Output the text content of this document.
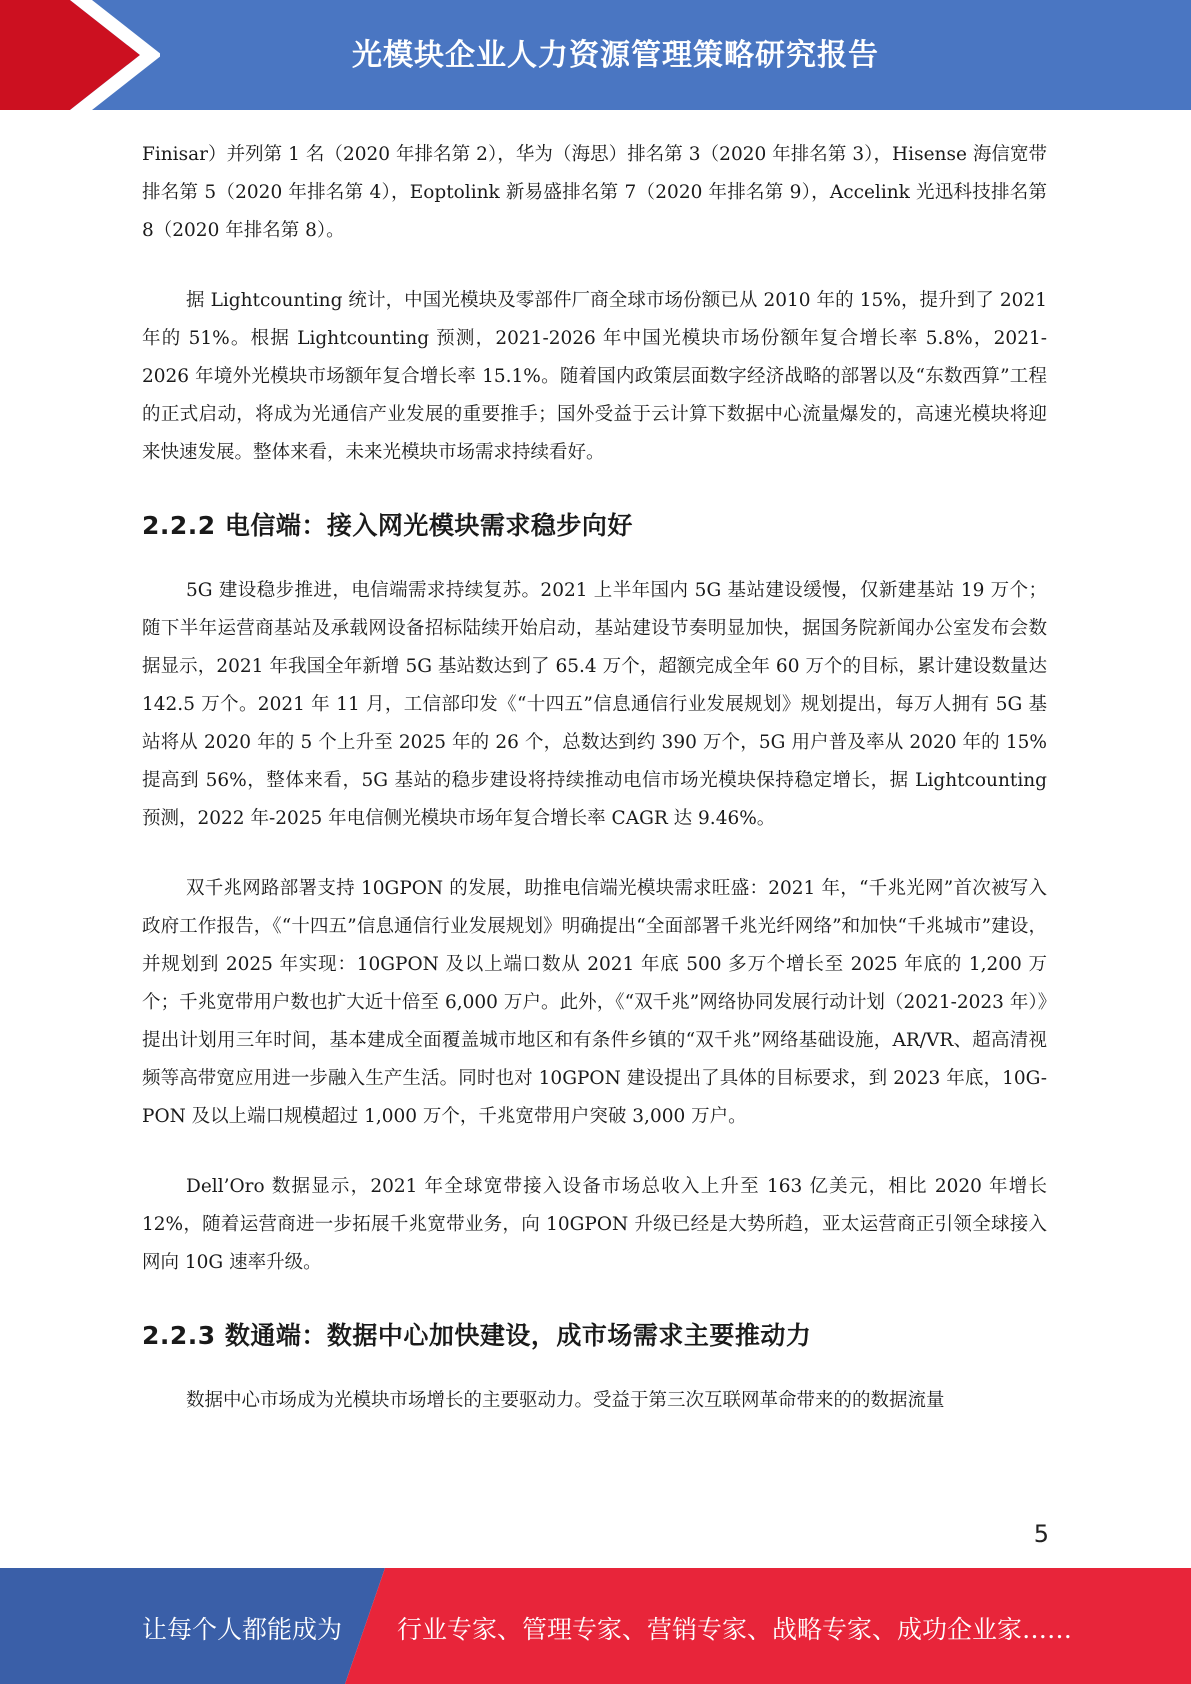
光模块企业人力资源管理策略研究报告

Finisar）并列第 1 名（2020 年排名第 2），华为（海思）排名第 3（2020 年排名第 3），Hisense 海信宽带排名第 5（2020 年排名第 4），Eoptolink 新易盛排名第 7（2020 年排名第 9），Accelink 光迅科技排名第 8（2020 年排名第 8）。

据 Lightcounting 统计，中国光模块及零部件厂商全球市场份额已从 2010 年的 15%，提升到了 2021 年的 51%。根据 Lightcounting 预测，2021-2026 年中国光模块市场份额年复合增长率 5.8%，2021-2026 年境外光模块市场额年复合增长率 15.1%。随着国内政策层面数字经济战略的部署以及“东数西算”工程的正式启动，将成为光通信产业发展的重要推手；国外受益于云计算下数据中心流量爆发的，高速光模块将迎来快速发展。整体来看，未来光模块市场需求持续看好。

2.2.2 电信端：接入网光模块需求稳步向好

5G 建设稳步推进，电信端需求持续复苏。2021 上半年国内 5G 基站建设缓慢，仅新建基站 19 万个；随下半年运营商基站及承载网设备招标陆续开始启动，基站建设节奏明显加快，据国务院新闻办公室发布会数据显示，2021 年我国全年新增 5G 基站数达到了 65.4 万个，超额完成全年 60 万个的目标，累计建设数量达 142.5 万个。2021 年 11 月，工信部印发《“十四五”信息通信行业发展规划》规划提出，每万人拥有 5G 基站将从 2020 年的 5 个上升至 2025 年的 26 个，总数达到约 390 万个，5G 用户普及率从 2020 年的 15%提高到 56%，整体来看，5G 基站的稳步建设将持续推动电信市场光模块保持稳定增长，据 Lightcounting 预测，2022 年-2025 年电信侧光模块市场年复合增长率 CAGR 达 9.46%。

双千兆网路部署支持 10GPON 的发展，助推电信端光模块需求旺盛：2021 年，“千兆光网”首次被写入政府工作报告，《“十四五”信息通信行业发展规划》明确提出“全面部署千兆光纤网络”和加快“千兆城市”建设，并规划到 2025 年实现：10GPON 及以上端口数从 2021 年底 500 多万个增长至 2025 年底的 1,200 万个；千兆宽带用户数也扩大近十倍至 6,000 万户。此外，《“双千兆”网络协同发展行动计划（2021-2023 年）》提出计划用三年时间，基本建成全面覆盖城市地区和有条件乡镇的“双千兆”网络基础设施，AR/VR、超高清视频等高带宽应用进一步融入生产生活。同时也对 10GPON 建设提出了具体的目标要求，到 2023 年底，10G-PON 及以上端口规模超过 1,000 万个，千兆宽带用户突破 3,000 万户。

Dell’Oro 数据显示，2021 年全球宽带接入设备市场总收入上升至 163 亿美元，相比 2020 年增长 12%，随着运营商进一步拓展千兆宽带业务，向 10GPON 升级已经是大势所趋，亚太运营商正引领全球接入网向 10G 速率升级。

2.2.3 数通端：数据中心加快建设，成市场需求主要推动力

数据中心市场成为光模块市场增长的主要驱动力。受益于第三次互联网革命带来的的数据流量

5
让每个人都能成为 行业专家、管理专家、营销专家、战略专家、成功企业家……
